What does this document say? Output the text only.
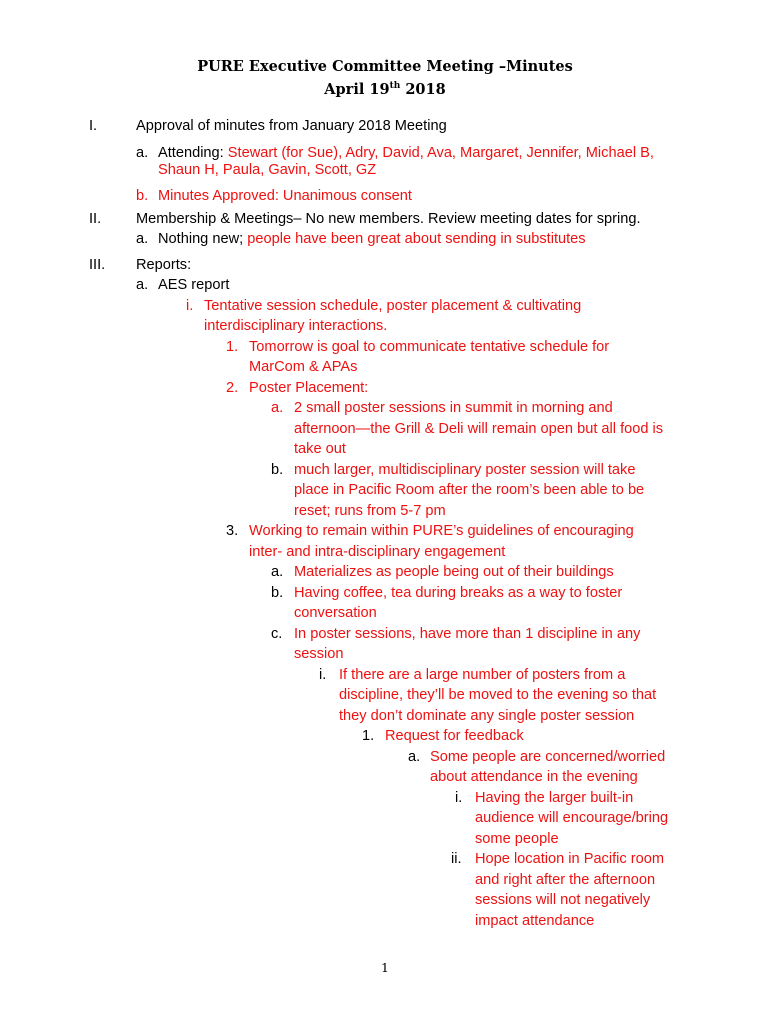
PURE Executive Committee Meeting –Minutes
April 19th 2018
I.	Approval of minutes from January 2018 Meeting
a. Attending: Stewart (for Sue), Adry, David, Ava, Margaret, Jennifer, Michael B,
Shaun H, Paula, Gavin, Scott, GZ
b. Minutes Approved: Unanimous consent
II. Membership & Meetings– No new members. Review meeting dates for spring.
a. Nothing new; people have been great about sending in substitutes
III. Reports:
a. AES report
i. Tentative session schedule, poster placement & cultivating
interdisciplinary interactions.
1. Tomorrow is goal to communicate tentative schedule for
MarCom & APAs
2. Poster Placement:
a. 2 small poster sessions in summit in morning and
afternoon—the Grill & Deli will remain open but all food is
take out
b. much larger, multidisciplinary poster session will take
place in Pacific Room after the room’s been able to be
reset; runs from 5-7 pm
3. Working to remain within PURE’s guidelines of encouraging
inter- and intra-disciplinary engagement
a. Materializes as people being out of their buildings
b. Having coffee, tea during breaks as a way to foster
conversation
c. In poster sessions, have more than 1 discipline in any
session
i. If there are a large number of posters from a
discipline, they’ll be moved to the evening so that
they don’t dominate any single poster session
1. Request for feedback
a. Some people are concerned/worried
about attendance in the evening
i. Having the larger built-in
audience will encourage/bring
some people
ii. Hope location in Pacific room
and right after the afternoon
sessions will not negatively
impact attendance
1
